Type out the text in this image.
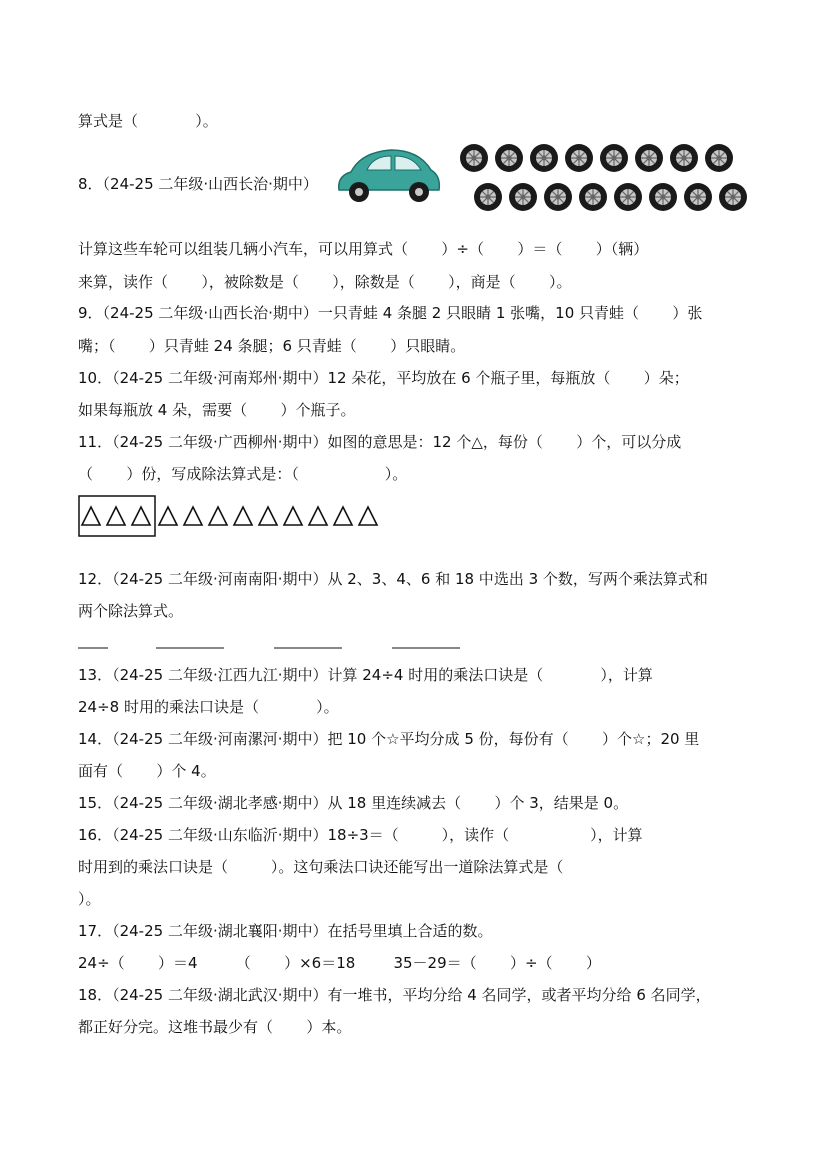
算式是（            ）。
8．（24-25 二年级·山西长治·期中）
计算这些车轮可以组装几辆小汽车，可以用算式（       ）÷（       ）＝（       ）（辆）
来算，读作（       ），被除数是（       ），除数是（       ），商是（       ）。
9．（24-25 二年级·山西长治·期中）一只青蛙 4 条腿 2 只眼睛 1 张嘴，10 只青蛙（       ）张
嘴；（       ）只青蛙 24 条腿；6 只青蛙（       ）只眼睛。
10．（24-25 二年级·河南郑州·期中）12 朵花，平均放在 6 个瓶子里，每瓶放（       ）朵；
如果每瓶放 4 朵，需要（       ）个瓶子。
11．（24-25 二年级·广西柳州·期中）如图的意思是：12 个△，每份（       ）个，可以分成
（       ）份，写成除法算式是：（                  ）。
12．（24-25 二年级·河南南阳·期中）从 2、3、4、6 和 18 中选出 3 个数，写两个乘法算式和
两个除法算式。
13．（24-25 二年级·江西九江·期中）计算 24÷4 时用的乘法口诀是（            ），计算
24÷8 时用的乘法口诀是（            ）。
14．（24-25 二年级·河南漯河·期中）把 10 个☆平均分成 5 份，每份有（       ）个☆；20 里
面有（       ）个 4。
15．（24-25 二年级·湖北孝感·期中）从 18 里连续减去（       ）个 3，结果是 0。
16．（24-25 二年级·山东临沂·期中）18÷3＝（         ），读作（                 ），计算
时用到的乘法口诀是（         ）。这句乘法口诀还能写出一道除法算式是（
）。
17．（24-25 二年级·湖北襄阳·期中）在括号里填上合适的数。
24÷（       ）＝4        （       ）×6＝18        35－29＝（       ）÷（       ）
18．（24-25 二年级·湖北武汉·期中）有一堆书，平均分给 4 名同学，或者平均分给 6 名同学，
都正好分完。这堆书最少有（       ）本。
